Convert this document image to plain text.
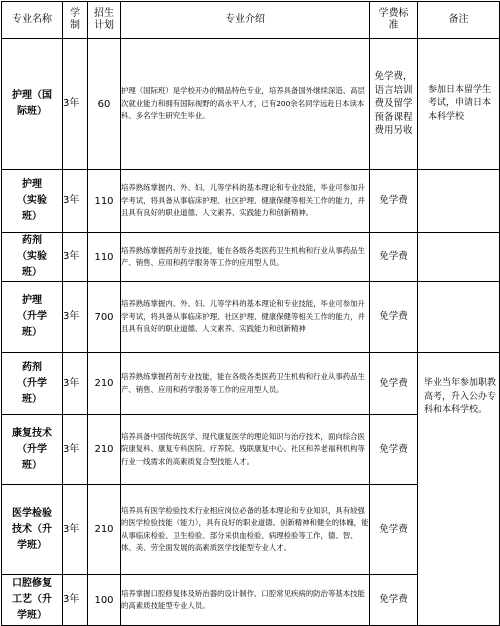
专业名称	学制	招生计划	专业介绍	学费标准	备注
护理（国际班）	3年	60	护理（国际班）是学校开办的精品特色专业，培养具备国外继续深造、高层次就业能力和拥有国际视野的高水平人才，已有200余名同学远赴日本读本科、多名学生研究生毕业。	免学费，语言培训费及留学预备课程费用另收	参加日本留学生考试，申请日本本科学校
护理（实验班）	3年	110	培养熟练掌握内、外、妇、儿等学科的基本理论和专业技能，毕业可参加升学考试，将具备从事临床护理、社区护理、健康保健等相关工作的能力，并且具有良好的职业道德、人文素养、实践能力和创新精神。	免学费	
药剂（实验班）	3年	110	培养熟练掌握药剂专业技能，能在各级各类医药卫生机构和行业从事药品生产、销售、应用和药学服务等工作的应用型人员。	免学费	
护理（升学班）	3年	700	培养熟练掌握内、外、妇、儿等学科的基本理论和专业技能，毕业可参加升学考试，将具备从事临床护理、社区护理、健康保健等相关工作的能力，并且具有良好的职业道德、人文素养、实践能力和创新精神	免学费	
药剂（升学班）	3年	210	培养熟练掌握药剂专业技能，能在各级各类医药卫生机构和行业从事药品生产、销售、应用和药学服务等工作的应用型人员。	免学费	毕业当年参加职教高考，升入公办专科和本科学校。
康复技术（升学班）	3年	210	培养具备中国传统医学、现代康复医学的理论知识与治疗技术，面向综合医院康复科、康复专科医院、疗养院、残联康复中心、社区和养老福利机构等行业一线需求的高素质复合型技能人才。	免学费	
医学检验技术（升学班）	3年	210	培养具有医学检验技术行业相应岗位必备的基本理论和专业知识，具有较强的医学检验技能（能力），具有良好的职业道德、创新精神和健全的体魄，能从事临床检验、卫生检验、部分采供血检验、病理检验等工作，德、智、体、美、劳全面发展的高素质医学技能型专业人才。	免学费	
口腔修复工艺（升学班）	3年	100	培养掌握口腔修复体及矫治器的设计制作、口腔常见疾病的防治等基本技能的高素质技能型专业人员。	免学费	
